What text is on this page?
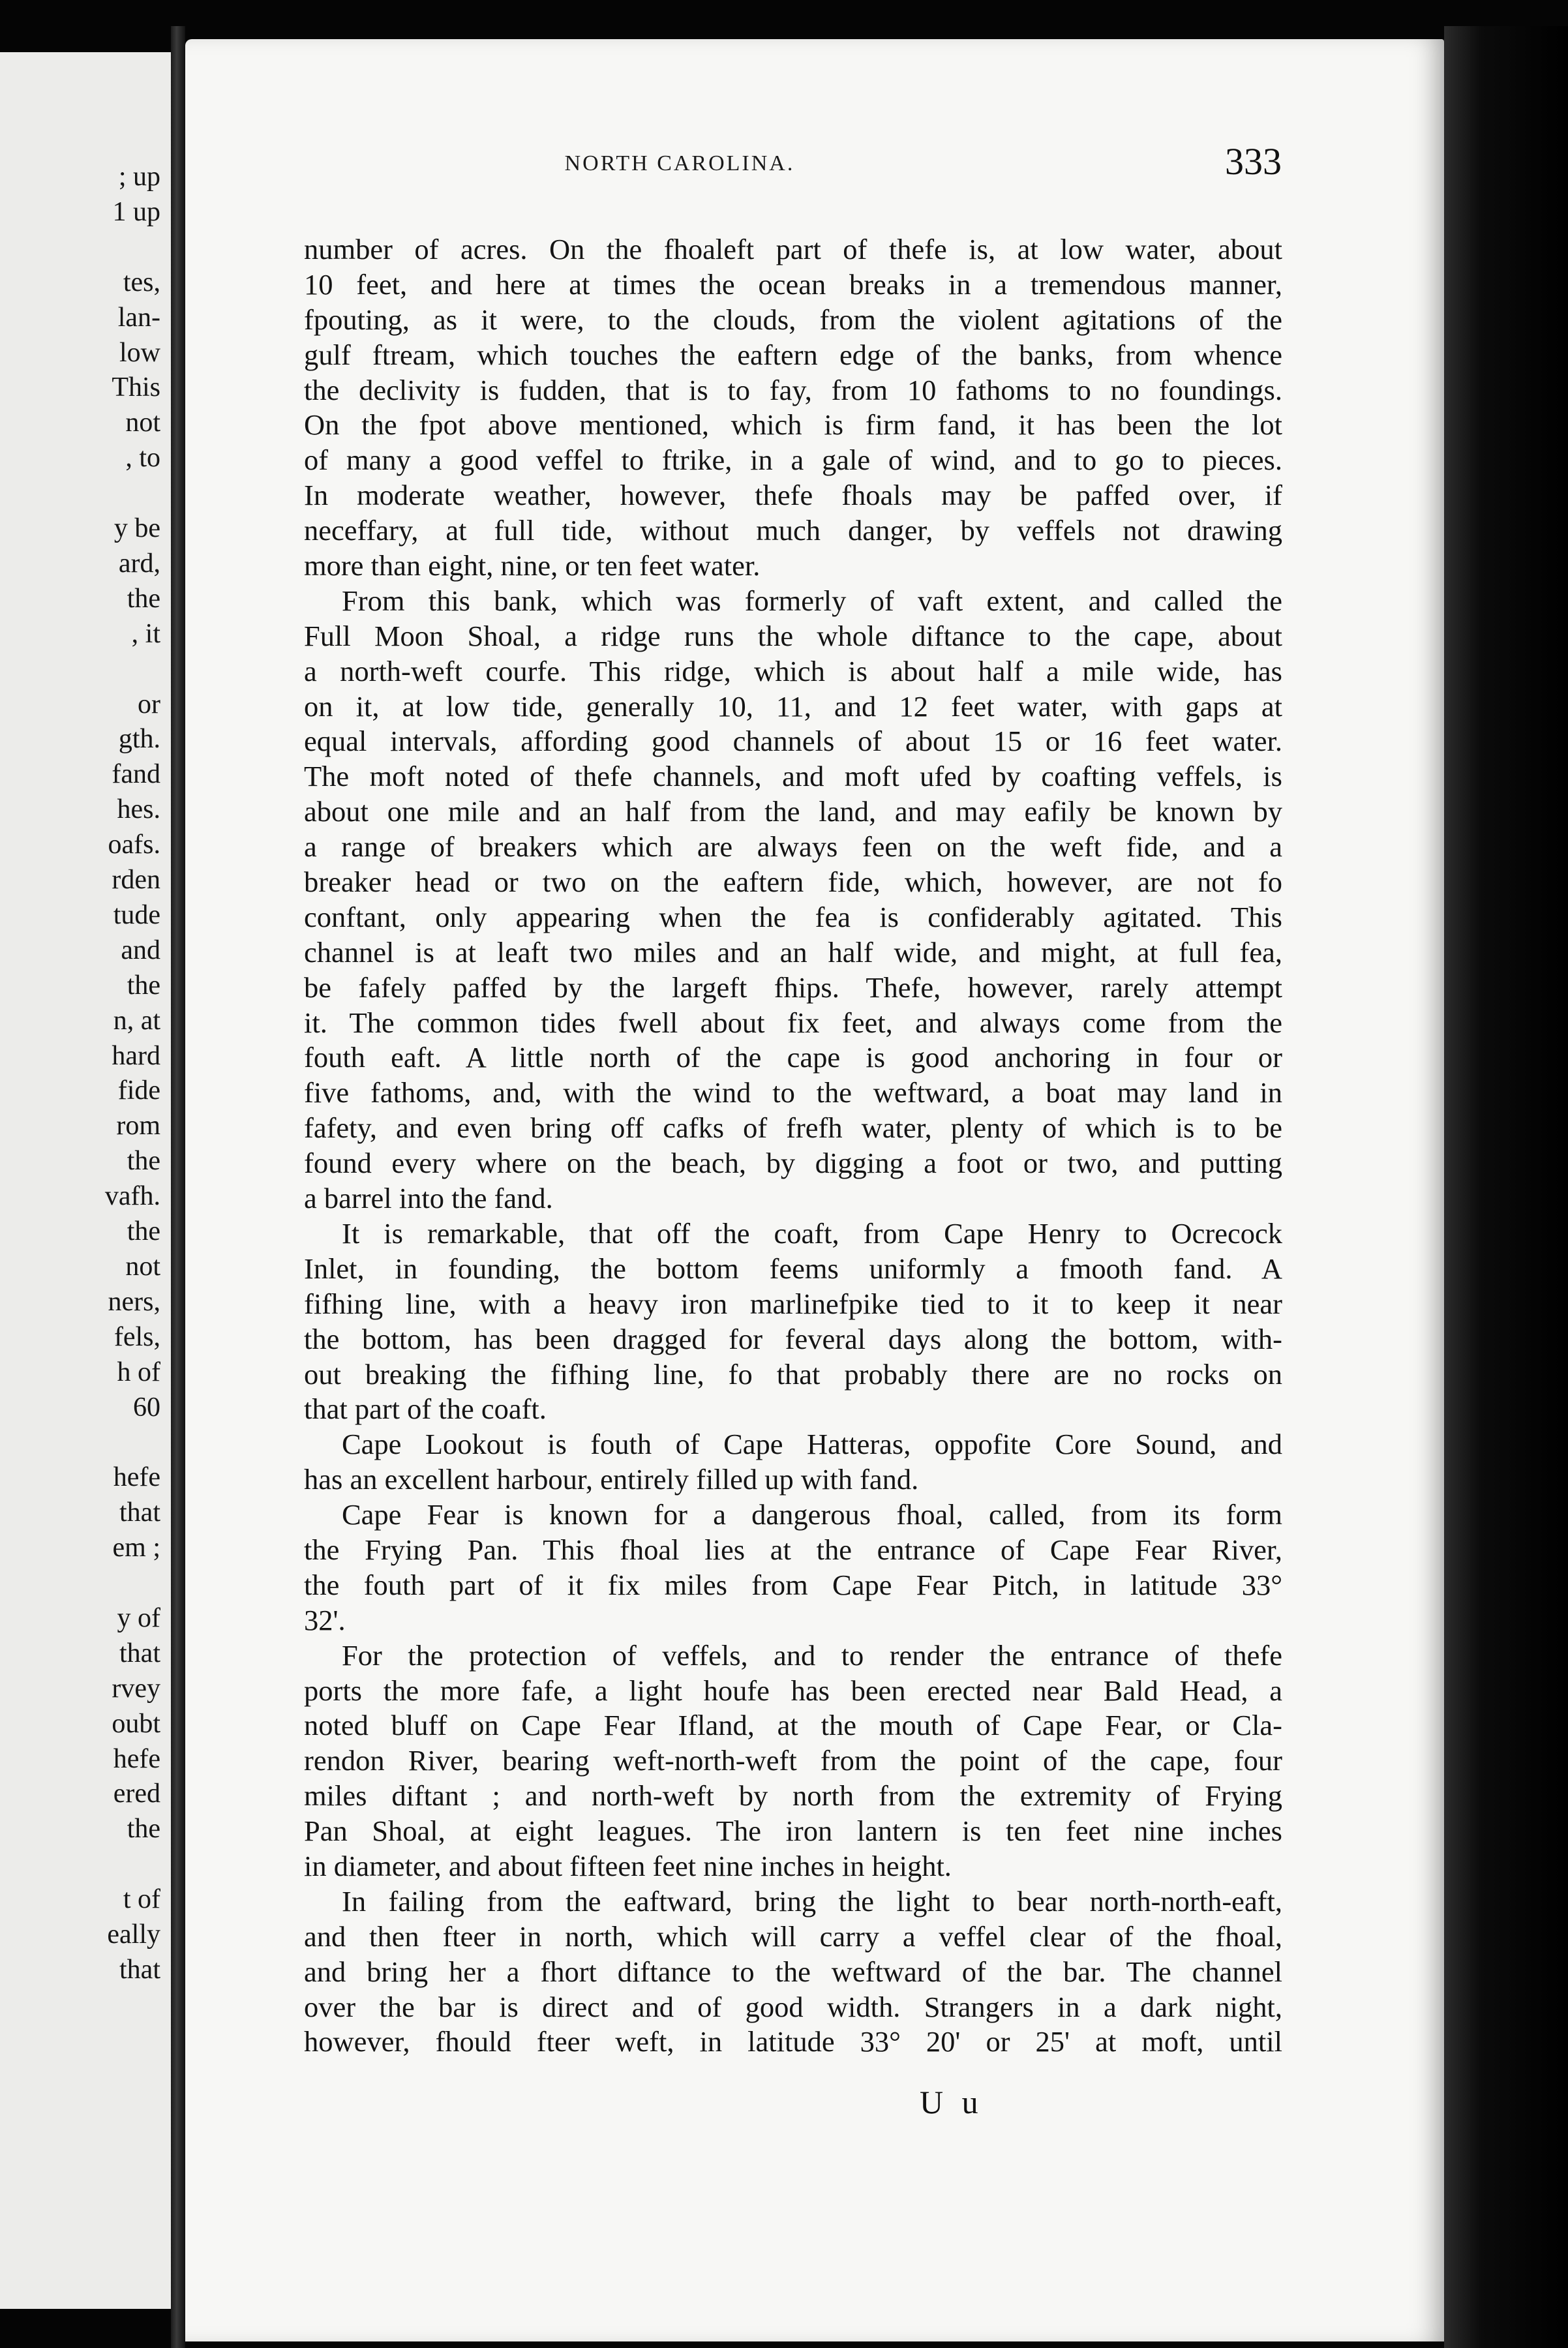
; up
1 up
tes,
lan-
low
This
not
, to
y be
ard,
the
, it
or
gth.
fand
hes.
oafs.
rden
tude
and
the
n, at
hard
fide
rom
the
vafh.
the
not
ners,
fels,
h of
60
hefe
that
em ;
y of
that
rvey
oubt
hefe
ered
the
t of
eally
that
NORTH CAROLINA.	333
number of acres. On the fhoaleft part of thefe is, at low water, about
10 feet, and here at times the ocean breaks in a tremendous manner,
fpouting, as it were, to the clouds, from the violent agitations of the
gulf ftream, which touches the eaftern edge of the banks, from whence
the declivity is fudden, that is to fay, from 10 fathoms to no foundings.
On the fpot above mentioned, which is firm fand, it has been the lot
of many a good veffel to ftrike, in a gale of wind, and to go to pieces.
In moderate weather, however, thefe fhoals may be paffed over, if
neceffary, at full tide, without much danger, by veffels not drawing
more than eight, nine, or ten feet water.
From this bank, which was formerly of vaft extent, and called the
Full Moon Shoal, a ridge runs the whole diftance to the cape, about
a north-weft courfe. This ridge, which is about half a mile wide, has
on it, at low tide, generally 10, 11, and 12 feet water, with gaps at
equal intervals, affording good channels of about 15 or 16 feet water.
The moft noted of thefe channels, and moft ufed by coafting veffels, is
about one mile and an half from the land, and may eafily be known by
a range of breakers which are always feen on the weft fide, and a
breaker head or two on the eaftern fide, which, however, are not fo
conftant, only appearing when the fea is confiderably agitated. This
channel is at leaft two miles and an half wide, and might, at full fea,
be fafely paffed by the largeft fhips. Thefe, however, rarely attempt
it. The common tides fwell about fix feet, and always come from the
fouth eaft. A little north of the cape is good anchoring in four or
five fathoms, and, with the wind to the weftward, a boat may land in
fafety, and even bring off cafks of frefh water, plenty of which is to be
found every where on the beach, by digging a foot or two, and putting
a barrel into the fand.
It is remarkable, that off the coaft, from Cape Henry to Ocrecock
Inlet, in founding, the bottom feems uniformly a fmooth fand. A
fifhing line, with a heavy iron marlinefpike tied to it to keep it near
the bottom, has been dragged for feveral days along the bottom, with-
out breaking the fifhing line, fo that probably there are no rocks on
that part of the coaft.
Cape Lookout is fouth of Cape Hatteras, oppofite Core Sound, and
has an excellent harbour, entirely filled up with fand.
Cape Fear is known for a dangerous fhoal, called, from its form
the Frying Pan. This fhoal lies at the entrance of Cape Fear River,
the fouth part of it fix miles from Cape Fear Pitch, in latitude 33°
32'.
For the protection of veffels, and to render the entrance of thefe
ports the more fafe, a light houfe has been erected near Bald Head, a
noted bluff on Cape Fear Ifland, at the mouth of Cape Fear, or Cla-
rendon River, bearing weft-north-weft from the point of the cape, four
miles diftant ; and north-weft by north from the extremity of Frying
Pan Shoal, at eight leagues. The iron lantern is ten feet nine inches
in diameter, and about fifteen feet nine inches in height.
In failing from the eaftward, bring the light to bear north-north-eaft,
and then fteer in north, which will carry a veffel clear of the fhoal,
and bring her a fhort diftance to the weftward of the bar. The channel
over the bar is direct and of good width. Strangers in a dark night,
however, fhould fteer weft, in latitude 33° 20' or 25' at moft, until
U u
